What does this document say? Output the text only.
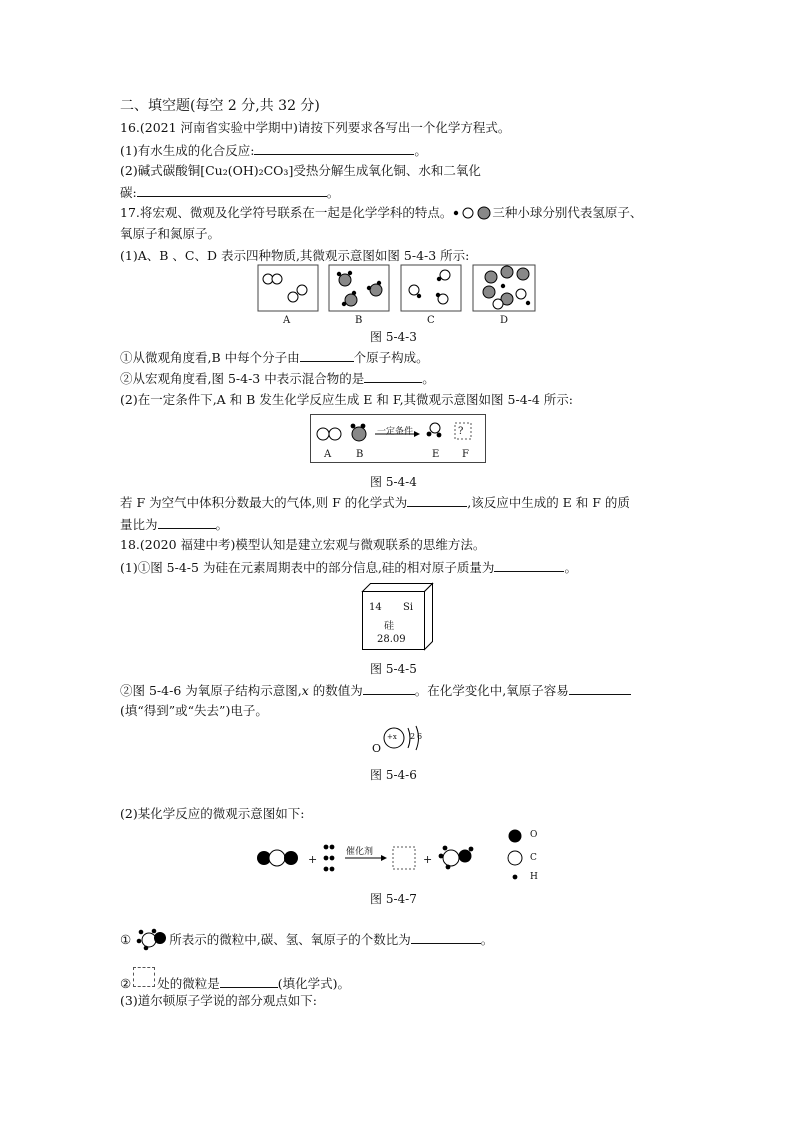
二、填空题(每空 2 分,共 32 分)
16.(2021 河南省实验中学期中)请按下列要求各写出一个化学方程式。
(1)有水生成的化合反应:	。
(2)碱式碳酸铜[Cu₂(OH)₂CO₃]受热分解生成氧化铜、水和二氧化
碳:	。
17.将宏观、微观及化学符号联系在一起是化学学科的特点。	三种小球分别代表氢原子、
氧原子和氮原子。
(1)A、B 、C、D 表示四种物质,其微观示意图如图 5-4-3 所示:
A	B	C	D
图 5-4-3
①从微观角度看,B 中每个分子由	个原子构成。
②从宏观角度看,图 5-4-3 中表示混合物的是	。
(2)在一定条件下,A 和 B 发生化学反应生成 E 和 F,其微观示意图如图 5-4-4 所示:
一定条件	?
A B	E F
图 5-4-4
若 F 为空气中体积分数最大的气体,则 F 的化学式为	,该反应中生成的 E 和 F 的质
量比为	。
18.(2020 福建中考)模型认知是建立宏观与微观联系的思维方法。
(1)①图 5-4-5 为硅在元素周期表中的部分信息,硅的相对原子质量为	。
14 Si
硅
28.09
图 5-4-5
②图 5-4-6 为氧原子结构示意图,x 的数值为	。在化学变化中,氧原子容易
(填“得到”或“失去”)电子。
O
+x 2 6
图 5-4-6
(2)某化学反应的微观示意图如下:
+
催化剂
+
O
C
H
图 5-4-7
①	所表示的微粒中,碳、氢、氧原子的个数比为	。
② 处的微粒是	(填化学式)。
(3)道尔顿原子学说的部分观点如下:
